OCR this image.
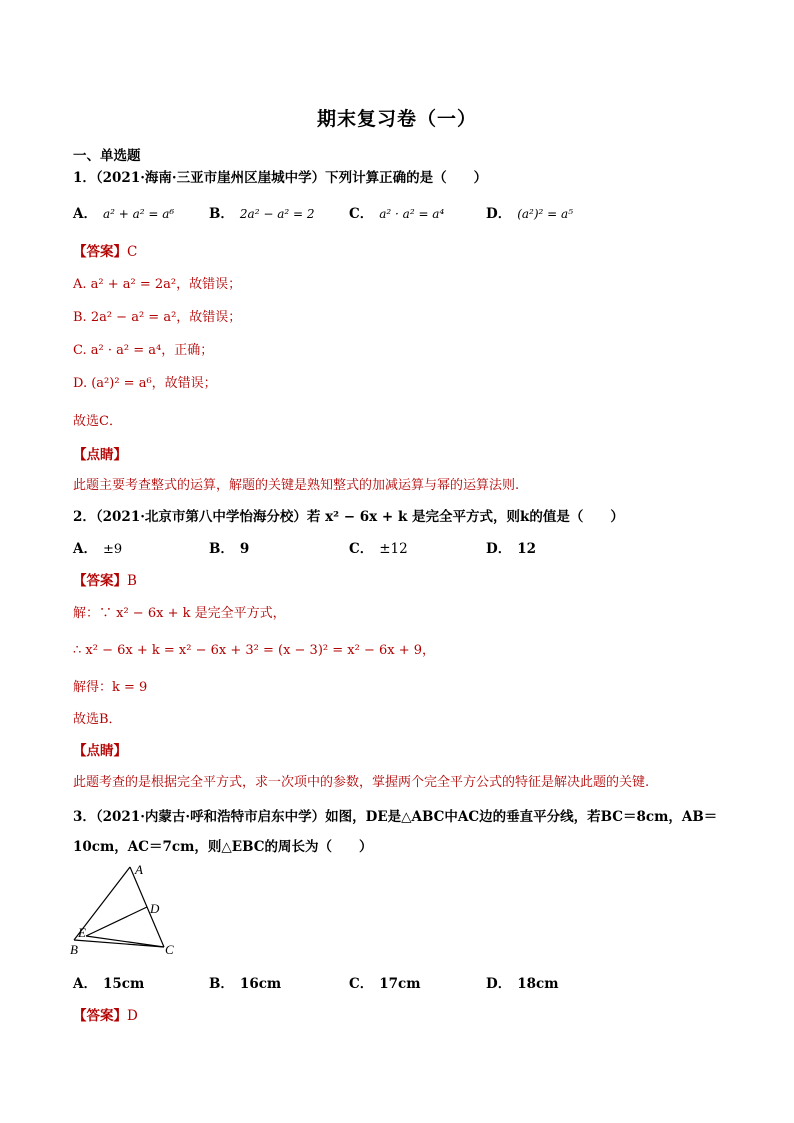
期末复习卷（一）
一、单选题
1．（2021·海南·三亚市崖州区崖城中学）下列计算正确的是（　　）
A． a² + a² = a⁶	B． 2a² − a² = 2	C． a² · a² = a⁴	D． (a²)² = a⁵
【答案】C
A. a² + a² = 2a²，故错误；
B. 2a² − a² = a²，故错误；
C. a² · a² = a⁴，正确；
D. (a²)² = a⁶，故错误；
故选C．
【点睛】
此题主要考查整式的运算，解题的关键是熟知整式的加减运算与幂的运算法则.
2．（2021·北京市第八中学怡海分校）若 x² − 6x + k 是完全平方式，则k的值是（　　）
A． ±9	B． 9	C． ±12	D． 12
【答案】B
解：∵ x² − 6x + k 是完全平方式，
∴ x² − 6x + k = x² − 6x + 3² = (x − 3)² = x² − 6x + 9，
解得：k = 9
故选B．
【点睛】
此题考查的是根据完全平方式，求一次项中的参数，掌握两个完全平方公式的特征是解决此题的关键.
3．（2021·内蒙古·呼和浩特市启东中学）如图，DE是△ABC中AC边的垂直平分线，若BC＝8cm，AB＝
10cm，AC＝7cm，则△EBC的周长为（　　）
A
D
E
B	C
A． 15cm	B． 16cm	C． 17cm	D． 18cm
【答案】D
